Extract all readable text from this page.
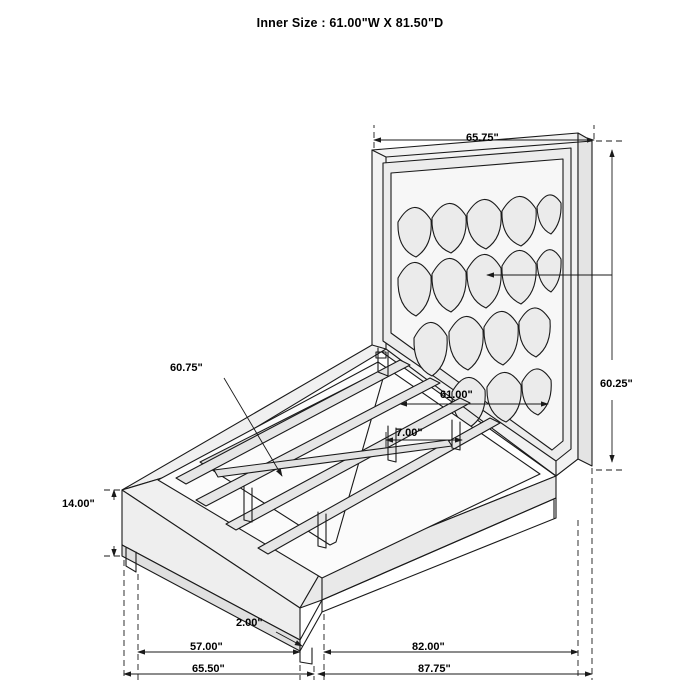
Inner Size : 61.00"W X 81.50"D
65.75"
60.25"
61.00"
7.00"
60.75"
14.00"
2.00"
57.00"	82.00"
65.50"	87.75"
